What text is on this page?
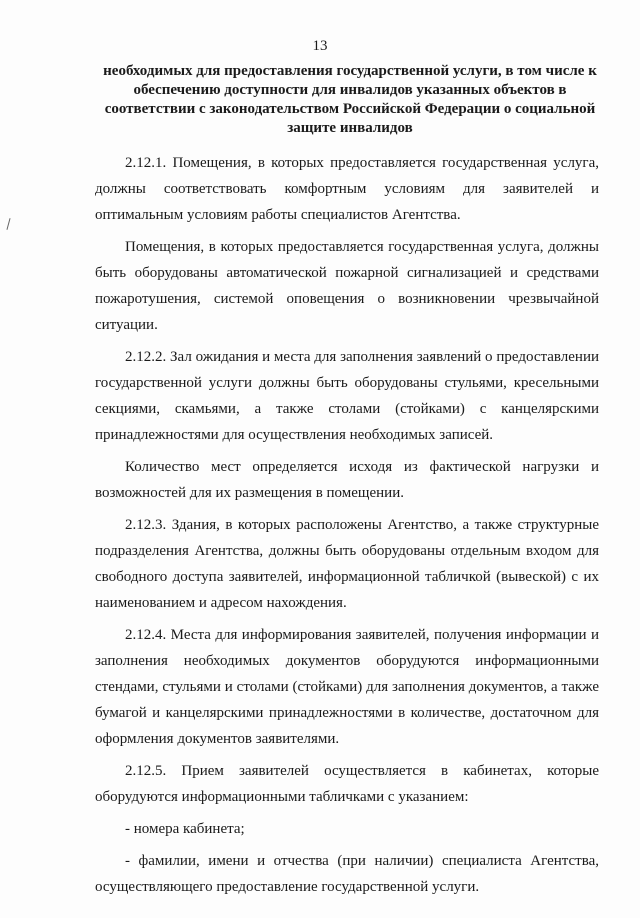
13
необходимых для предоставления государственной услуги, в том числе к обеспечению доступности для инвалидов указанных объектов в соответствии с законодательством Российской Федерации о социальной защите инвалидов

2.12.1. Помещения, в которых предоставляется государственная услуга, должны соответствовать комфортным условиям для заявителей и оптимальным условиям работы специалистов Агентства.

Помещения, в которых предоставляется государственная услуга, должны быть оборудованы автоматической пожарной сигнализацией и средствами пожаротушения, системой оповещения о возникновении чрезвычайной ситуации.

2.12.2. Зал ожидания и места для заполнения заявлений о предоставлении государственной услуги должны быть оборудованы стульями, кресельными секциями, скамьями, а также столами (стойками) с канцелярскими принадлежностями для осуществления необходимых записей.

Количество мест определяется исходя из фактической нагрузки и возможностей для их размещения в помещении.

2.12.3. Здания, в которых расположены Агентство, а также структурные подразделения Агентства, должны быть оборудованы отдельным входом для свободного доступа заявителей, информационной табличкой (вывеской) с их наименованием и адресом нахождения.

2.12.4. Места для информирования заявителей, получения информации и заполнения необходимых документов оборудуются информационными стендами, стульями и столами (стойками) для заполнения документов, а также бумагой и канцелярскими принадлежностями в количестве, достаточном для оформления документов заявителями.

2.12.5. Прием заявителей осуществляется в кабинетах, которые оборудуются информационными табличками с указанием:

- номера кабинета;

- фамилии, имени и отчества (при наличии) специалиста Агентства, осуществляющего предоставление государственной услуги.
